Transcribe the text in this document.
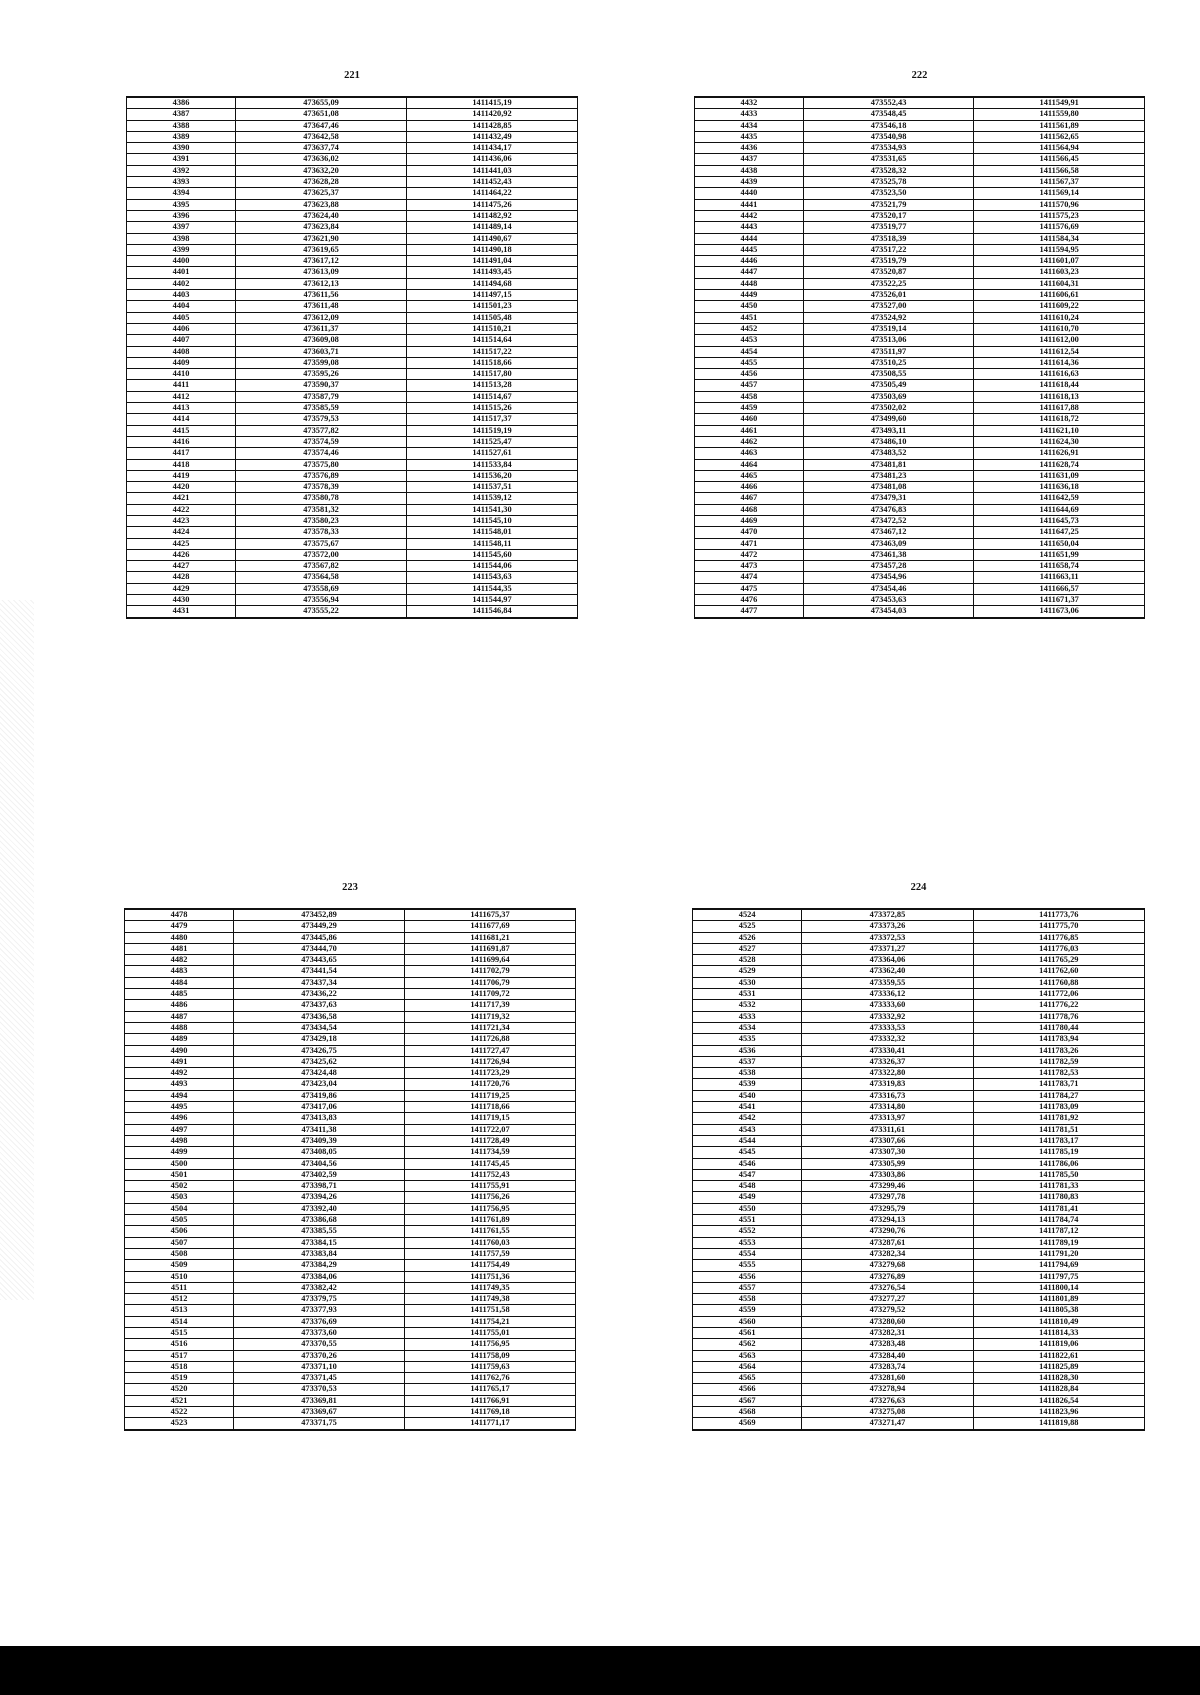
221
4386	473655,09	1411415,19
4387	473651,08	1411420,92
4388	473647,46	1411428,85
4389	473642,58	1411432,49
4390	473637,74	1411434,17
4391	473636,02	1411436,06
4392	473632,20	1411441,03
4393	473628,28	1411452,43
4394	473625,37	1411464,22
4395	473623,88	1411475,26
4396	473624,40	1411482,92
4397	473623,84	1411489,14
4398	473621,90	1411490,67
4399	473619,65	1411490,18
4400	473617,12	1411491,04
4401	473613,09	1411493,45
4402	473612,13	1411494,68
4403	473611,56	1411497,15
4404	473611,48	1411501,23
4405	473612,09	1411505,48
4406	473611,37	1411510,21
4407	473609,08	1411514,64
4408	473603,71	1411517,22
4409	473599,08	1411518,66
4410	473595,26	1411517,80
4411	473590,37	1411513,28
4412	473587,79	1411514,67
4413	473585,59	1411515,26
4414	473579,53	1411517,37
4415	473577,82	1411519,19
4416	473574,59	1411525,47
4417	473574,46	1411527,61
4418	473575,80	1411533,84
4419	473576,89	1411536,20
4420	473578,39	1411537,51
4421	473580,78	1411539,12
4422	473581,32	1411541,30
4423	473580,23	1411545,10
4424	473578,33	1411548,01
4425	473575,67	1411548,11
4426	473572,00	1411545,60
4427	473567,82	1411544,06
4428	473564,58	1411543,63
4429	473558,69	1411544,35
4430	473556,94	1411544,97
4431	473555,22	1411546,84
222
4432	473552,43	1411549,91
4433	473548,45	1411559,80
4434	473546,18	1411561,89
4435	473540,98	1411562,65
4436	473534,93	1411564,94
4437	473531,65	1411566,45
4438	473528,32	1411566,58
4439	473525,78	1411567,37
4440	473523,50	1411569,14
4441	473521,79	1411570,96
4442	473520,17	1411575,23
4443	473519,77	1411576,69
4444	473518,39	1411584,34
4445	473517,22	1411594,95
4446	473519,79	1411601,07
4447	473520,87	1411603,23
4448	473522,25	1411604,31
4449	473526,01	1411606,61
4450	473527,00	1411609,22
4451	473524,92	1411610,24
4452	473519,14	1411610,70
4453	473513,06	1411612,00
4454	473511,97	1411612,54
4455	473510,25	1411614,36
4456	473508,55	1411616,63
4457	473505,49	1411618,44
4458	473503,69	1411618,13
4459	473502,02	1411617,88
4460	473499,60	1411618,72
4461	473493,11	1411621,10
4462	473486,10	1411624,30
4463	473483,52	1411626,91
4464	473481,81	1411628,74
4465	473481,23	1411631,09
4466	473481,08	1411636,18
4467	473479,31	1411642,59
4468	473476,83	1411644,69
4469	473472,52	1411645,73
4470	473467,12	1411647,25
4471	473463,09	1411650,04
4472	473461,38	1411651,99
4473	473457,28	1411658,74
4474	473454,96	1411663,11
4475	473454,46	1411666,57
4476	473453,63	1411671,37
4477	473454,03	1411673,06
223
4478	473452,89	1411675,37
4479	473449,29	1411677,69
4480	473445,86	1411681,21
4481	473444,70	1411691,87
4482	473443,65	1411699,64
4483	473441,54	1411702,79
4484	473437,34	1411706,79
4485	473436,22	1411709,72
4486	473437,63	1411717,39
4487	473436,58	1411719,32
4488	473434,54	1411721,34
4489	473429,18	1411726,88
4490	473426,75	1411727,47
4491	473425,62	1411726,94
4492	473424,48	1411723,29
4493	473423,04	1411720,76
4494	473419,86	1411719,25
4495	473417,06	1411718,66
4496	473413,83	1411719,15
4497	473411,38	1411722,07
4498	473409,39	1411728,49
4499	473408,05	1411734,59
4500	473404,56	1411745,45
4501	473402,59	1411752,43
4502	473398,71	1411755,91
4503	473394,26	1411756,26
4504	473392,40	1411756,95
4505	473386,68	1411761,89
4506	473385,55	1411761,55
4507	473384,15	1411760,03
4508	473383,84	1411757,59
4509	473384,29	1411754,49
4510	473384,06	1411751,36
4511	473382,42	1411749,35
4512	473379,75	1411749,38
4513	473377,93	1411751,58
4514	473376,69	1411754,21
4515	473373,60	1411755,01
4516	473370,55	1411756,95
4517	473370,26	1411758,09
4518	473371,10	1411759,63
4519	473371,45	1411762,76
4520	473370,53	1411765,17
4521	473369,81	1411766,91
4522	473369,67	1411769,18
4523	473371,75	1411771,17
224
4524	473372,85	1411773,76
4525	473373,26	1411775,70
4526	473372,53	1411776,85
4527	473371,27	1411776,03
4528	473364,06	1411765,29
4529	473362,40	1411762,60
4530	473359,55	1411760,88
4531	473336,12	1411772,06
4532	473333,60	1411776,22
4533	473332,92	1411778,76
4534	473333,53	1411780,44
4535	473332,32	1411783,94
4536	473330,41	1411783,26
4537	473326,37	1411782,59
4538	473322,80	1411782,53
4539	473319,83	1411783,71
4540	473316,73	1411784,27
4541	473314,80	1411783,09
4542	473313,97	1411781,92
4543	473311,61	1411781,51
4544	473307,66	1411783,17
4545	473307,30	1411785,19
4546	473305,99	1411786,06
4547	473303,86	1411785,50
4548	473299,46	1411781,33
4549	473297,78	1411780,83
4550	473295,79	1411781,41
4551	473294,13	1411784,74
4552	473290,76	1411787,12
4553	473287,61	1411789,19
4554	473282,34	1411791,20
4555	473279,68	1411794,69
4556	473276,89	1411797,75
4557	473276,54	1411800,14
4558	473277,27	1411801,89
4559	473279,52	1411805,38
4560	473280,60	1411810,49
4561	473282,31	1411814,33
4562	473283,48	1411819,06
4563	473284,40	1411822,61
4564	473283,74	1411825,89
4565	473281,60	1411828,30
4566	473278,94	1411828,84
4567	473276,63	1411826,54
4568	473275,08	1411823,96
4569	473271,47	1411819,88
